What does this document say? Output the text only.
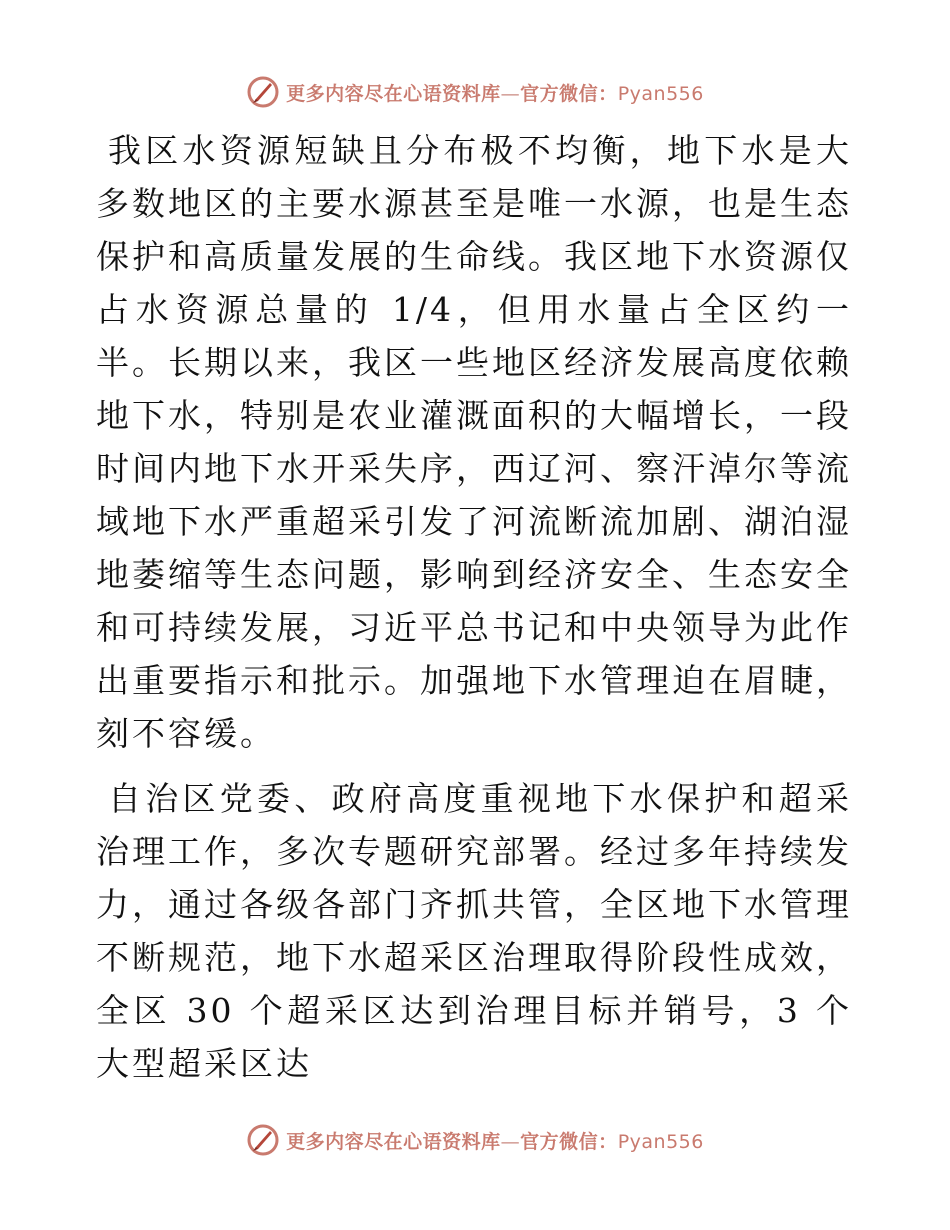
更多内容尽在心语资料库—官方微信：Pyan556

我区水资源短缺且分布极不均衡，地下水是大多数地区的主要水源甚至是唯一水源，也是生态保护和高质量发展的生命线。我区地下水资源仅占水资源总量的 1/4，但用水量占全区约一半。长期以来，我区一些地区经济发展高度依赖地下水，特别是农业灌溉面积的大幅增长，一段时间内地下水开采失序，西辽河、察汗淖尔等流域地下水严重超采引发了河流断流加剧、湖泊湿地萎缩等生态问题，影响到经济安全、生态安全和可持续发展，习近平总书记和中央领导为此作出重要指示和批示。加强地下水管理迫在眉睫，刻不容缓。

自治区党委、政府高度重视地下水保护和超采治理工作，多次专题研究部署。经过多年持续发力，通过各级各部门齐抓共管，全区地下水管理不断规范，地下水超采区治理取得阶段性成效，全区 30 个超采区达到治理目标并销号，3 个大型超采区达

更多内容尽在心语资料库—官方微信：Pyan556
